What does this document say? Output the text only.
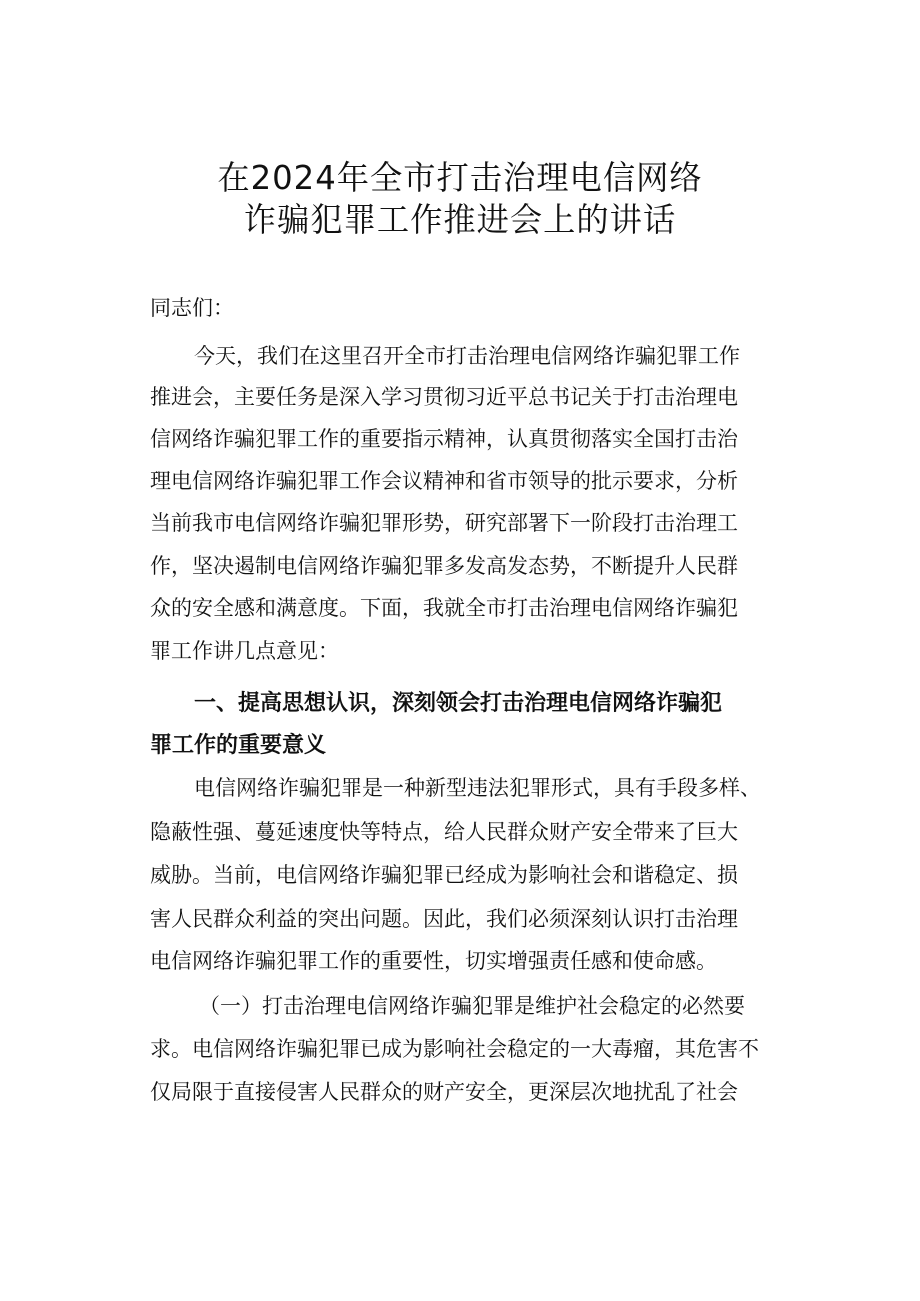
在2024年全市打击治理电信网络
诈骗犯罪工作推进会上的讲话
同志们：
今天，我们在这里召开全市打击治理电信网络诈骗犯罪工作
推进会，主要任务是深入学习贯彻习近平总书记关于打击治理电
信网络诈骗犯罪工作的重要指示精神，认真贯彻落实全国打击治
理电信网络诈骗犯罪工作会议精神和省市领导的批示要求，分析
当前我市电信网络诈骗犯罪形势，研究部署下一阶段打击治理工
作，坚决遏制电信网络诈骗犯罪多发高发态势，不断提升人民群
众的安全感和满意度。下面，我就全市打击治理电信网络诈骗犯
罪工作讲几点意见：
一、提高思想认识，深刻领会打击治理电信网络诈骗犯
罪工作的重要意义
电信网络诈骗犯罪是一种新型违法犯罪形式，具有手段多样、
隐蔽性强、蔓延速度快等特点，给人民群众财产安全带来了巨大
威胁。当前，电信网络诈骗犯罪已经成为影响社会和谐稳定、损
害人民群众利益的突出问题。因此，我们必须深刻认识打击治理
电信网络诈骗犯罪工作的重要性，切实增强责任感和使命感。
（一）打击治理电信网络诈骗犯罪是维护社会稳定的必然要
求。电信网络诈骗犯罪已成为影响社会稳定的一大毒瘤，其危害不
仅局限于直接侵害人民群众的财产安全，更深层次地扰乱了社会
